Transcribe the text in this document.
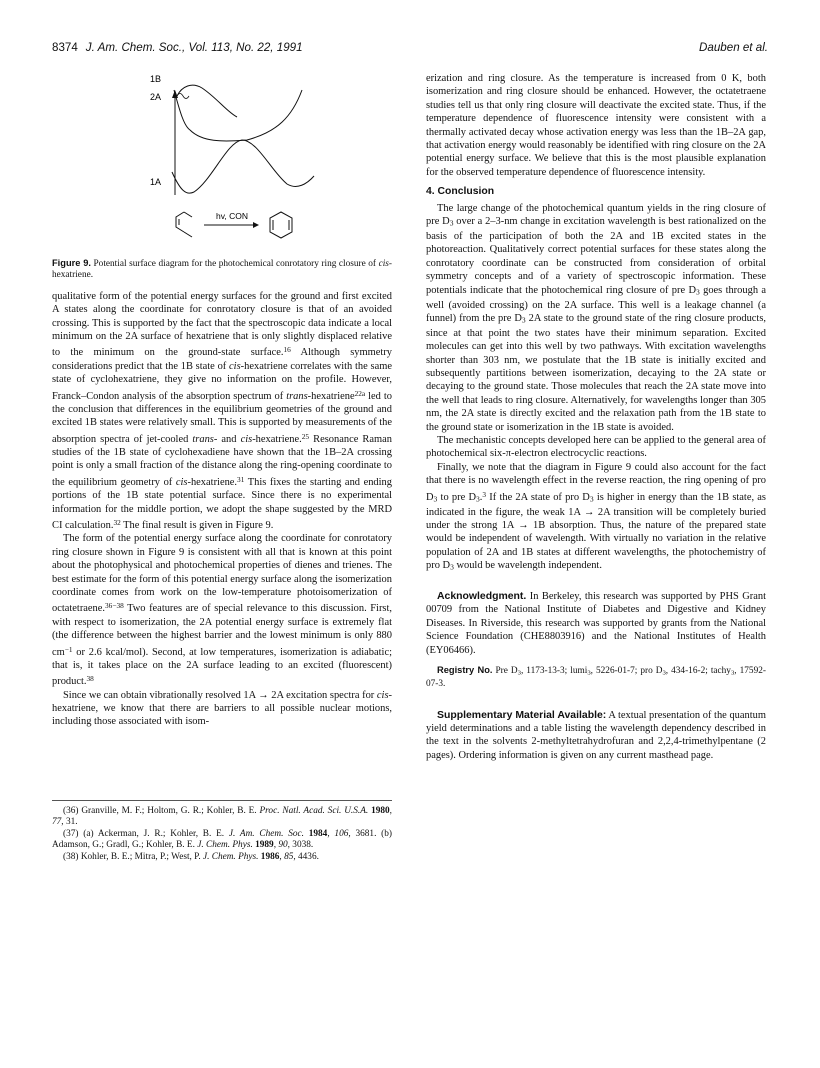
8374 J. Am. Chem. Soc., Vol. 113, No. 22, 1991	Dauben et al.
1B
2A
1A
hv, CON

Figure 9. Potential surface diagram for the photochemical conrotatory ring closure of cis-hexatriene.

qualitative form of the potential energy surfaces for the ground and first excited A states along the coordinate for conrotatory closure is that of an avoided crossing. This is supported by the fact that the spectroscopic data indicate a local minimum on the 2A surface of hexatriene that is only slightly displaced relative to the minimum on the ground-state surface.$^{16}$ Although symmetry considerations predict that the 1B state of cis-hexatriene correlates with the same state of cyclohexatriene, they give no information on the profile. However, Franck–Condon analysis of the absorption spectrum of trans-hexatriene$^{22a}$ led to the conclusion that differences in the equilibrium geometries of the ground and excited 1B states were relatively small. This is supported by measurements of the absorption spectra of jet-cooled trans- and cis-hexatriene.$^{25}$ Resonance Raman studies of the 1B state of cyclohexadiene have shown that the 1B–2A crossing point is only a small fraction of the distance along the ring-opening coordinate to the equilibrium geometry of cis-hexatriene.$^{31}$ This fixes the starting and ending portions of the 1B state potential surface. Since there is no experimental information for the middle portion, we adopt the shape suggested by the MRD CI calculation.$^{32}$ The final result is given in Figure 9.

The form of the potential energy surface along the coordinate for conrotatory ring closure shown in Figure 9 is consistent with all that is known at this point about the photophysical and photochemical properties of dienes and trienes. The best estimate for the form of this potential energy surface along the isomerization coordinate comes from work on the low-temperature photoisomerization of octatetraene.$^{36-38}$ Two features are of special relevance to this discussion. First, with respect to isomerization, the 2A potential energy surface is extremely flat (the difference between the highest barrier and the lowest minimum is only 880 $cm^{-1}$ or 2.6 kcal/mol). Second, at low temperatures, isomerization is adiabatic; that is, it takes place on the 2A surface leading to an excited (fluorescent) product.$^{38}$

Since we can obtain vibrationally resolved 1A → 2A excitation spectra for cis-hexatriene, we know that there are barriers to all possible nuclear motions, including those associated with isom-

(36) Granville, M. F.; Holtom, G. R.; Kohler, B. E. Proc. Natl. Acad. Sci. U.S.A. 1980, 77, 31.

(37) (a) Ackerman, J. R.; Kohler, B. E. J. Am. Chem. Soc. 1984, 106, 3681. (b) Adamson, G.; Gradl, G.; Kohler, B. E. J. Chem. Phys. 1989, 90, 3038.

(38) Kohler, B. E.; Mitra, P.; West, P. J. Chem. Phys. 1986, 85, 4436.

erization and ring closure. As the temperature is increased from 0 K, both isomerization and ring closure should be enhanced. However, the octatetraene studies tell us that only ring closure will deactivate the excited state. Thus, if the temperature dependence of fluorescence intensity were consistent with a thermally activated decay whose activation energy was less than the 1B–2A gap, that activation energy would reasonably be identified with ring closure on the 2A potential energy surface. We believe that this is the most plausible explanation for the observed temperature dependence of fluorescence intensity.

4. Conclusion

The large change of the photochemical quantum yields in the ring closure of pre D3 over a 2–3-nm change in excitation wavelength is best rationalized on the basis of the participation of both the 2A and 1B excited states in the photoreaction. Qualitatively correct potential surfaces for these states along the conrotatory coordinate can be constructed from consideration of orbital symmetry concepts and of a variety of spectroscopic information. These potentials indicate that the photochemical ring closure of pre D3 goes through a well (avoided crossing) on the 2A surface. This well is a leakage channel (a funnel) from the pre D3 2A state to the ground state of the ring closure products, since at that point the two states have their minimum separation. Excited molecules can get into this well by two pathways. With excitation wavelengths shorter than 303 nm, we postulate that the 1B state is initially excited and subsequently partitions between isomerization, decaying to the 2A state or decaying to the ground state. Those molecules that reach the 2A state move into the well that leads to ring closure. Alternatively, for wavelengths longer than 305 nm, the 2A state is directly excited and the relaxation path from the 1B state to the ground state or isomerization in the 1B state is avoided.

The mechanistic concepts developed here can be applied to the general area of photochemical six-π-electron electrocyclic reactions.

Finally, we note that the diagram in Figure 9 could also account for the fact that there is no wavelength effect in the reverse reaction, the ring opening of pro D3 to pre D3.$^3$ If the 2A state of pro D3 is higher in energy than the 1B state, as indicated in the figure, the weak 1A → 2A transition will be completely buried under the strong 1A → 1B absorption. Thus, the nature of the prepared state would be independent of wavelength. With virtually no variation in the relative population of 2A and 1B states at different wavelengths, the photochemistry of pro D3 would be wavelength independent.

Acknowledgment. In Berkeley, this research was supported by PHS Grant 00709 from the National Institute of Diabetes and Digestive and Kidney Diseases. In Riverside, this research was supported by grants from the National Science Foundation (CHE8803916) and the National Institutes of Health (EY06466).

Registry No. Pre $D_3$, 1173-13-3; lumi$_3$, 5226-01-7; pro $D_3$, 434-16-2; tachy$_3$, 17592-07-3.

Supplementary Material Available: A textual presentation of the quantum yield determinations and a table listing the wavelength dependency described in the text in the solvents 2-methyltetrahydrofuran and 2,2,4-trimethylpentane (2 pages). Ordering information is given on any current masthead page.
